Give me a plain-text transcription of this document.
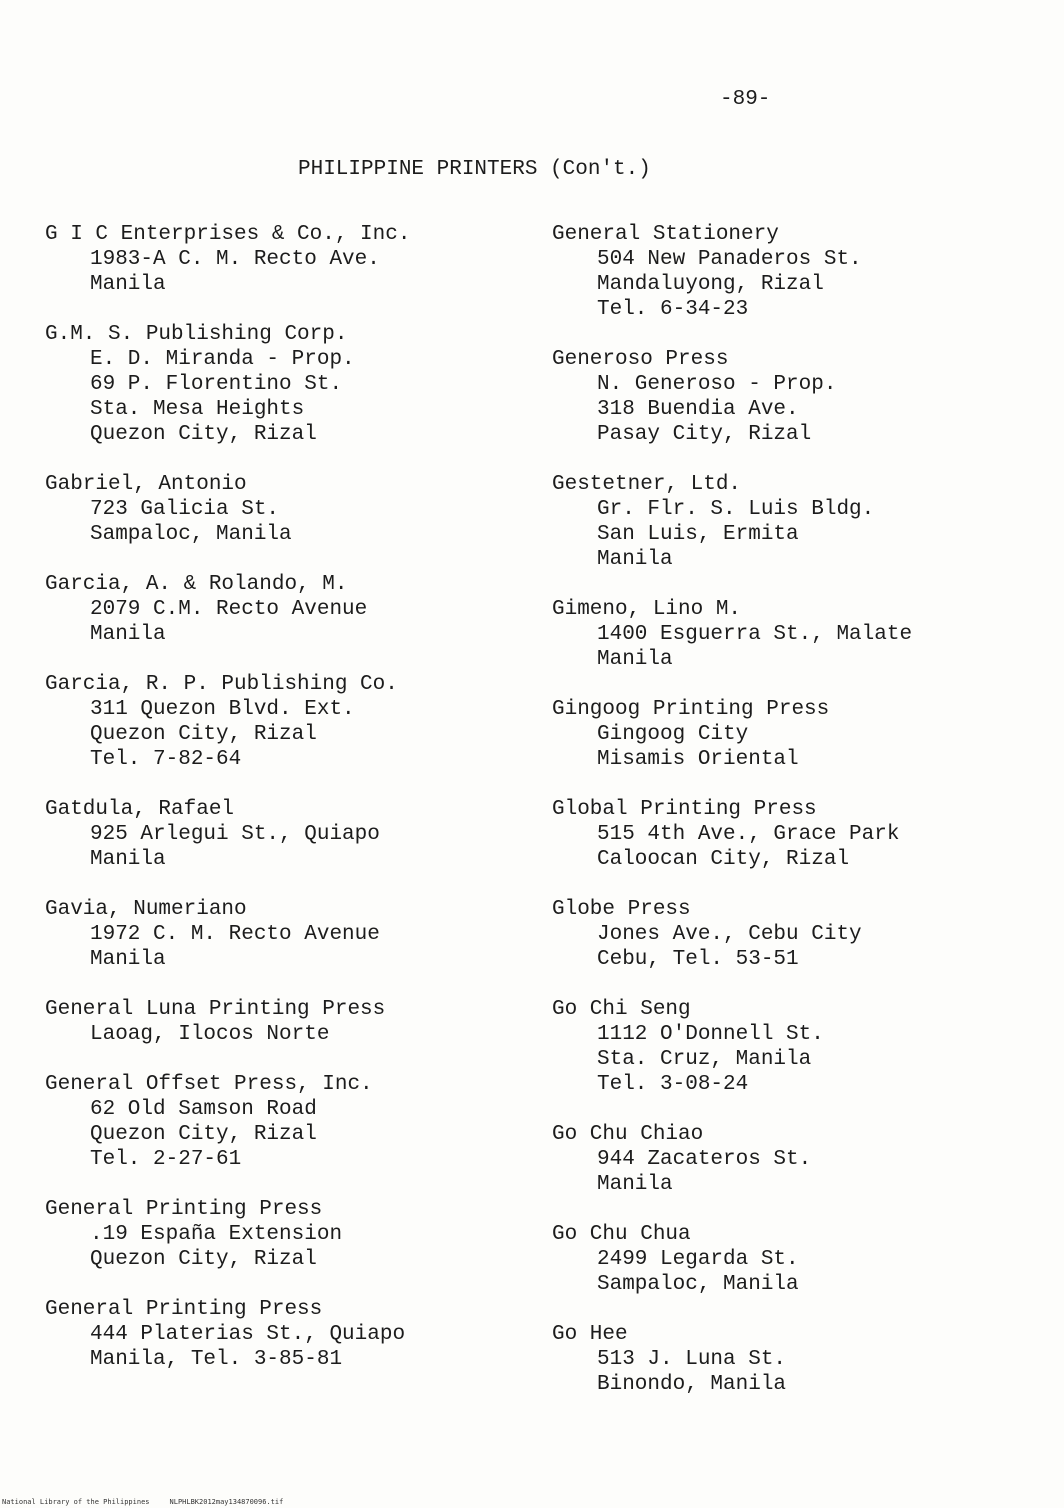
-89-
PHILIPPINE PRINTERS (Con't.)
G I C Enterprises & Co., Inc.
1983-A C. M. Recto Ave.
Manila
G.M. S. Publishing Corp.
E. D. Miranda - Prop.
69 P. Florentino St.
Sta. Mesa Heights
Quezon City, Rizal
Gabriel, Antonio
723 Galicia St.
Sampaloc, Manila
Garcia, A. & Rolando, M.
2079 C.M. Recto Avenue
Manila
Garcia, R. P. Publishing Co.
311 Quezon Blvd. Ext.
Quezon City, Rizal
Tel. 7-82-64
Gatdula, Rafael
925 Arlegui St., Quiapo
Manila
Gavia, Numeriano
1972 C. M. Recto Avenue
Manila
General Luna Printing Press
Laoag, Ilocos Norte
General Offset Press, Inc.
62 Old Samson Road
Quezon City, Rizal
Tel. 2-27-61
General Printing Press
.19 España Extension
Quezon City, Rizal
General Printing Press
444 Platerias St., Quiapo
Manila, Tel. 3-85-81
General Stationery
504 New Panaderos St.
Mandaluyong, Rizal
Tel. 6-34-23
Generoso Press
N. Generoso - Prop.
318 Buendia Ave.
Pasay City, Rizal
Gestetner, Ltd.
Gr. Flr. S. Luis Bldg.
San Luis, Ermita
Manila
Gimeno, Lino M.
1400 Esguerra St., Malate
Manila
Gingoog Printing Press
Gingoog City
Misamis Oriental
Global Printing Press
515 4th Ave., Grace Park
Caloocan City, Rizal
Globe Press
Jones Ave., Cebu City
Cebu, Tel. 53-51
Go Chi Seng
1112 O'Donnell St.
Sta. Cruz, Manila
Tel. 3-08-24
Go Chu Chiao
944 Zacateros St.
Manila
Go Chu Chua
2499 Legarda St.
Sampaloc, Manila
Go Hee
513 J. Luna St.
Binondo, Manila
National Library of the Philippines	NLPHLBK2012may134870096.tif
